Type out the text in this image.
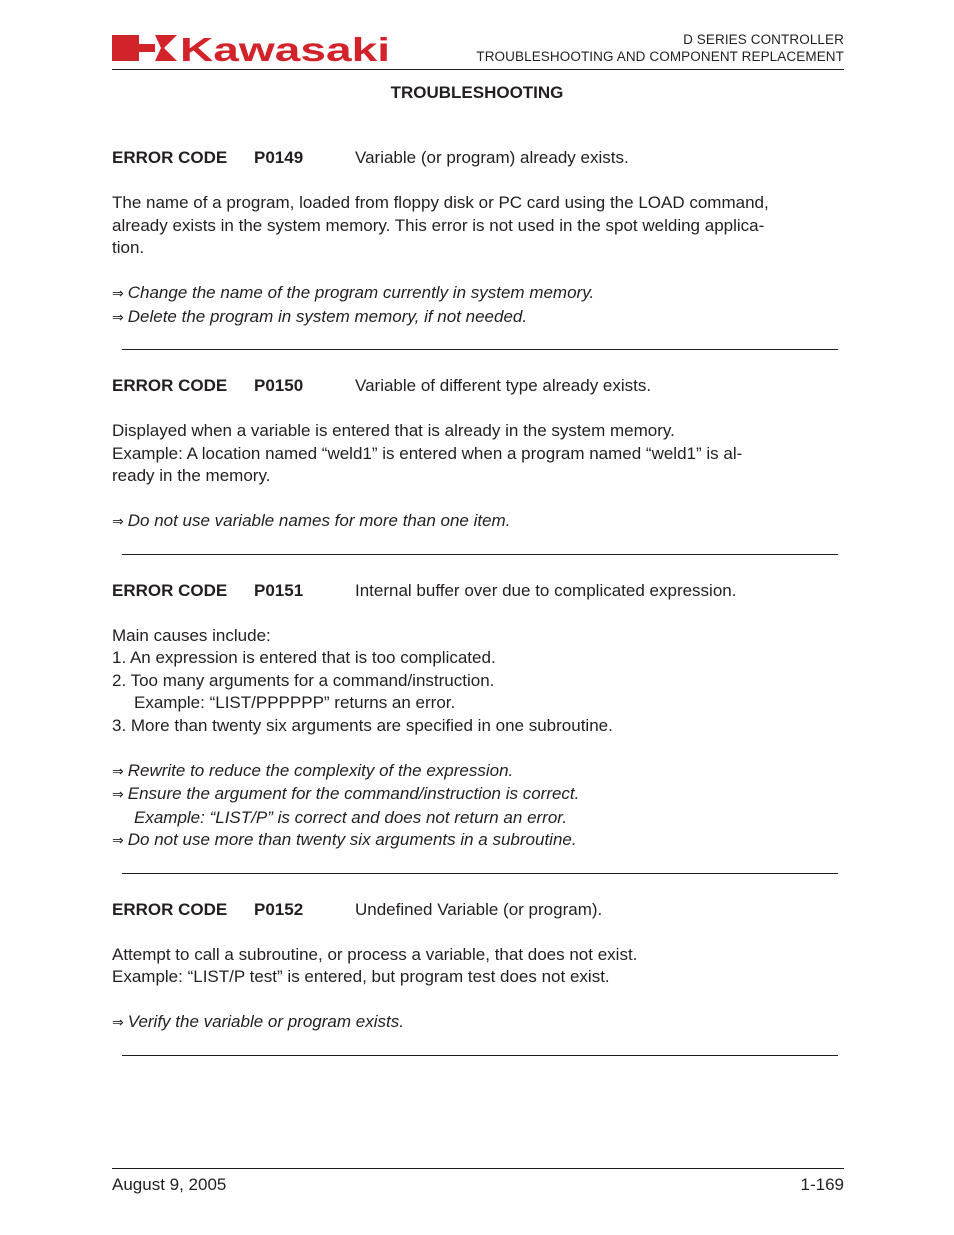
Kawasaki	D SERIES CONTROLLER
TROUBLESHOOTING AND COMPONENT REPLACEMENT
TROUBLESHOOTING
ERROR CODE P0149	Variable (or program) already exists.

The name of a program, loaded from floppy disk or PC card using the LOAD command,

already exists in the system memory. This error is not used in the spot welding applica-

tion.

⇒ Change the name of the program currently in system memory.

⇒ Delete the program in system memory, if not needed.

ERROR CODE P0150	Variable of different type already exists.

Displayed when a variable is entered that is already in the system memory.

Example: A location named “weld1” is entered when a program named “weld1” is al-

ready in the memory.

⇒ Do not use variable names for more than one item.

ERROR CODE P0151	Internal buffer over due to complicated expression.

Main causes include:

1. An expression is entered that is too complicated.

2. Too many arguments for a command/instruction.

Example: “LIST/PPPPPP” returns an error.

3. More than twenty six arguments are specified in one subroutine.

⇒ Rewrite to reduce the complexity of the expression.

⇒ Ensure the argument for the command/instruction is correct.

Example: “LIST/P” is correct and does not return an error.

⇒ Do not use more than twenty six arguments in a subroutine.

ERROR CODE P0152	Undefined Variable (or program).

Attempt to call a subroutine, or process a variable, that does not exist.

Example: “LIST/P test” is entered, but program test does not exist.

⇒ Verify the variable or program exists.

August 9, 2005	1-169
